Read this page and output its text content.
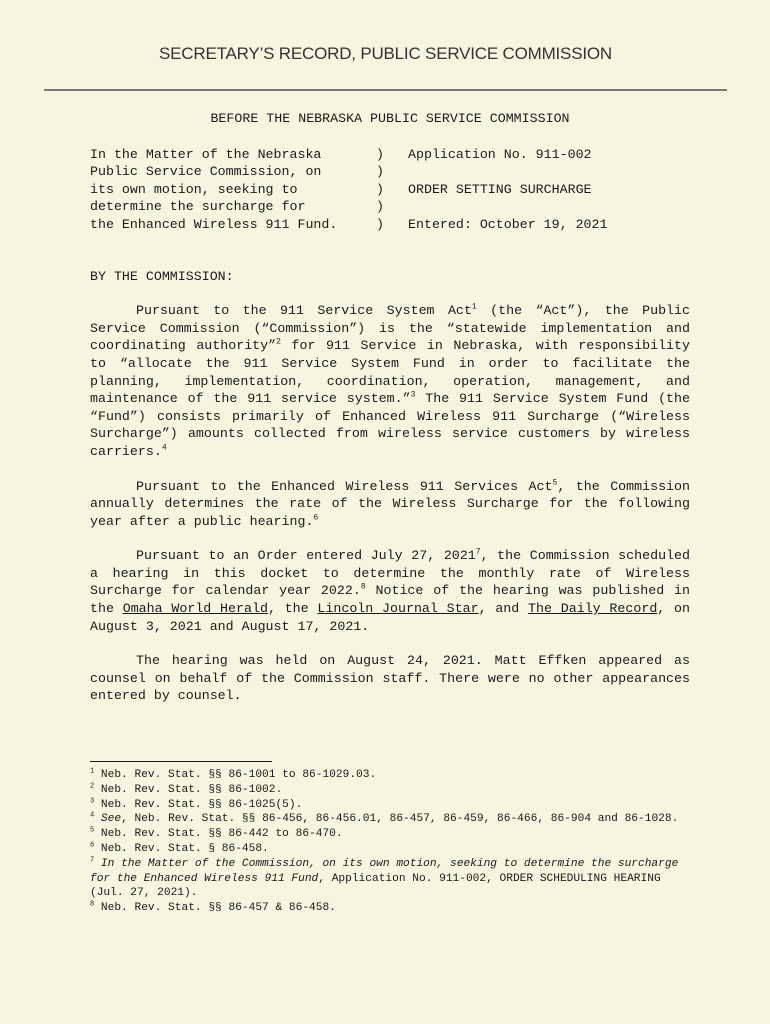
SECRETARY’S RECORD, PUBLIC SERVICE COMMISSION
BEFORE THE NEBRASKA PUBLIC SERVICE COMMISSION
In the Matter of the Nebraska
Public Service Commission, on
its own motion, seeking to
determine the surcharge for
the Enhanced Wireless 911 Fund.
)
)
)
)
)
Application No. 911-002
ORDER SETTING SURCHARGE
Entered: October 19, 2021
BY THE COMMISSION:

Pursuant to the 911 Service System Act$^1$ (the “Act”), the Public Service Commission (“Commission”) is the “statewide implementation and coordinating authority”$^2$ for 911 Service in Nebraska, with responsibility to “allocate the 911 Service System Fund in order to facilitate the planning, implementation, coordination, operation, management, and maintenance of the 911 service system.”$^3$ The 911 Service System Fund (the “Fund”) consists primarily of Enhanced Wireless 911 Surcharge (“Wireless Surcharge”) amounts collected from wireless service customers by wireless carriers.$^4$

Pursuant to the Enhanced Wireless 911 Services Act$^5$, the Commission annually determines the rate of the Wireless Surcharge for the following year after a public hearing.$^6$

Pursuant to an Order entered July 27, 2021$^7$, the Commission scheduled a hearing in this docket to determine the monthly rate of Wireless Surcharge for calendar year 2022.$^8$ Notice of the hearing was published in the Omaha World Herald, the Lincoln Journal Star, and The Daily Record, on August 3, 2021 and August 17, 2021.

The hearing was held on August 24, 2021. Matt Effken appeared as counsel on behalf of the Commission staff. There were no other appearances entered by counsel.

$^1$ Neb. Rev. Stat. §§ 86-1001 to 86-1029.03.
$^2$ Neb. Rev. Stat. §§ 86-1002.
$^3$ Neb. Rev. Stat. §§ 86-1025(5).
$^4$ See, Neb. Rev. Stat. §§ 86-456, 86-456.01, 86-457, 86-459, 86-466, 86-904 and 86-1028.
$^5$ Neb. Rev. Stat. §§ 86-442 to 86-470.
$^6$ Neb. Rev. Stat. § 86-458.
$^7$ In the Matter of the Commission, on its own motion, seeking to determine the surcharge for the Enhanced Wireless 911 Fund, Application No. 911-002, ORDER SCHEDULING HEARING (Jul. 27, 2021).
$^8$ Neb. Rev. Stat. §§ 86-457 & 86-458.
